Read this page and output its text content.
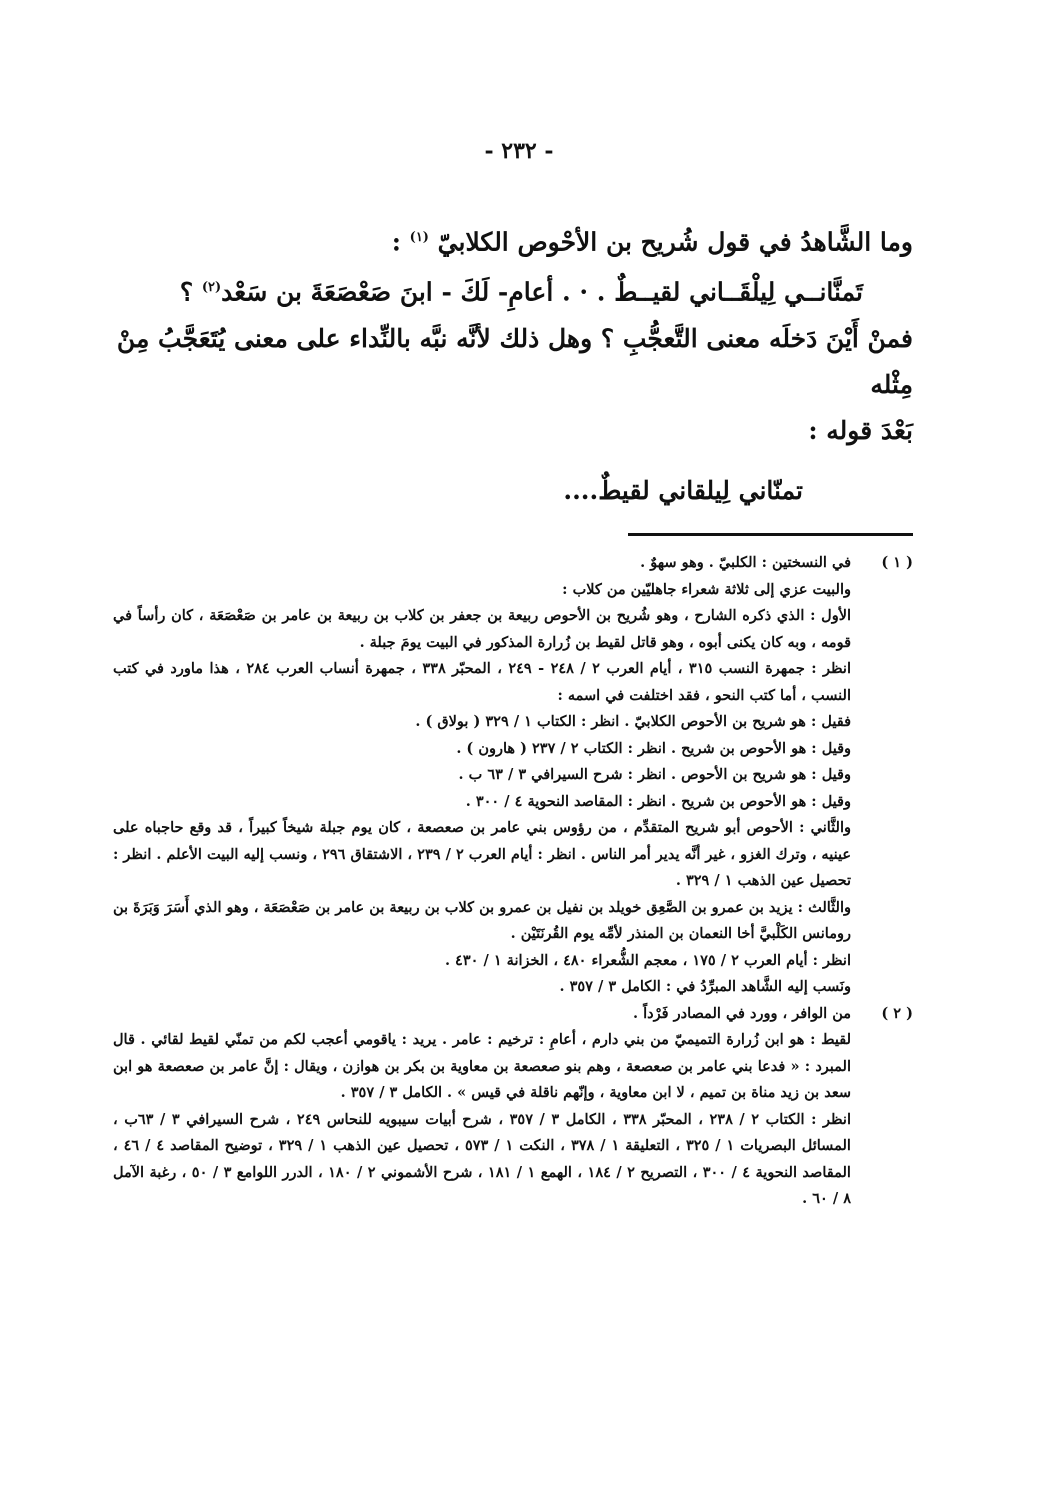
- ٢٣٢ -

وما الشَّاهدُ في قول شُريح بن الأحْوص الكلابيّ $^{(١)}$ :

تَمنَّانــي لِيلْقَــاني لقيــطٌ . · . أعامِ- لَكَ - ابنَ صَعْصَعَةَ بن سَعْد$^{(٢)}$ ؟

فمنْ أَيْنَ دَخلَه معنى التَّعجُّبِ ؟ وهل ذلك لأنَّه نبَّه بالنِّداء على معنى يُتَعَجَّبُ مِنْ مِثْله

بَعْدَ قوله :

تمنّاني لِيلقاني لقيطٌ....

( ١ )

في النسختين : الكلبيّ . وهو سهوٌ .

والبيت عزي إلى ثلاثة شعراء جاهليّين من كلاب :

الأول : الذي ذكره الشارح ، وهو شُريح بن الأحوص ربيعة بن جعفر بن كلاب بن ربيعة بن عامر بن صَعْصَعَة ، كان رأساً في قومه ، وبه كان يكنى أبوه ، وهو قاتل لقيط بن زُرارة المذكور في البيت يومَ جبلة .

انظر : جمهرة النسب ٣١٥ ، أيام العرب ٢ / ٢٤٨ - ٢٤٩ ، المحبّر ٣٣٨ ، جمهرة أنساب العرب ٢٨٤ ، هذا ماورد في كتب النسب ، أما كتب النحو ، فقد اختلفت في اسمه :

فقيل : هو شريح بن الأحوص الكلابيّ . انظر : الكتاب ١ / ٣٢٩ ( بولاق ) .

وقيل : هو الأحوص بن شريح . انظر : الكتاب ٢ / ٢٣٧ ( هارون ) .

وقيل : هو شريح بن الأحوص . انظر : شرح السيرافي ٣ / ٦٣ ب .

وقيل : هو الأحوص بن شريح . انظر : المقاصد النحوية ٤ / ٣٠٠ .

والثَّاني : الأحوص أبو شريح المتقدِّم ، من رؤوس بني عامر بن صعصعة ، كان يوم جبلة شيخاً كبيراً ، قد وقع حاجباه على عينيه ، وترك الغزو ، غير أنَّه يدير أمر الناس . انظر : أيام العرب ٢ / ٢٣٩ ، الاشتقاق ٢٩٦ ، ونسب إليه البيت الأعلم . انظر : تحصيل عين الذهب ١ / ٣٢٩ .

والثَّالث : يزيد بن عمرو بن الصَّعِق خويلد بن نفيل بن عمرو بن كلاب بن ربيعة بن عامر بن صَعْصَعَة ، وهو الذي أَسَرَ وَبَرَةَ بن رومانس الكَلْبيَّ أخا النعمان بن المنذر لأمِّه يوم القُرنَتَيْن .

انظر : أيام العرب ٢ / ١٧٥ ، معجم الشُّعراء ٤٨٠ ، الخزانة ١ / ٤٣٠ .

ونَسب إليه الشَّاهد المبرِّدُ في : الكامل ٣ / ٣٥٧ .

( ٢ )

من الوافر ، وورد في المصادر فَرْداً .

لقيط : هو ابن زُرارة التميميّ من بني دارم ، أعامِ : ترخيم : عامر . يريد : ياقومي أعجب لكم من تمنّي لقيط لقائي . قال المبرد : « فدعا بني عامر بن صعصعة ، وهم بنو صعصعة بن معاوية بن بكر بن هوازن ، ويقال : إنَّ عامر بن صعصعة هو ابن سعد بن زيد مناة بن تميم ، لا ابن معاوية ، وإنّهم ناقلة في قيس » . الكامل ٣ / ٣٥٧ .

انظر : الكتاب ٢ / ٢٣٨ ، المحبّر ٣٣٨ ، الكامل ٣ / ٣٥٧ ، شرح أبيات سيبويه للنحاس ٢٤٩ ، شرح السيرافي ٣ / ٦٣ب ، المسائل البصريات ١ / ٣٢٥ ، التعليقة ١ / ٣٧٨ ، النكت ١ / ٥٧٣ ، تحصيل عين الذهب ١ / ٣٢٩ ، توضيح المقاصد ٤ / ٤٦ ، المقاصد النحوية ٤ / ٣٠٠ ، التصريح ٢ / ١٨٤ ، الهمع ١ / ١٨١ ، شرح الأشموني ٢ / ١٨٠ ، الدرر اللوامع ٣ / ٥٠ ، رغبة الآمل ٨ / ٦٠ .
